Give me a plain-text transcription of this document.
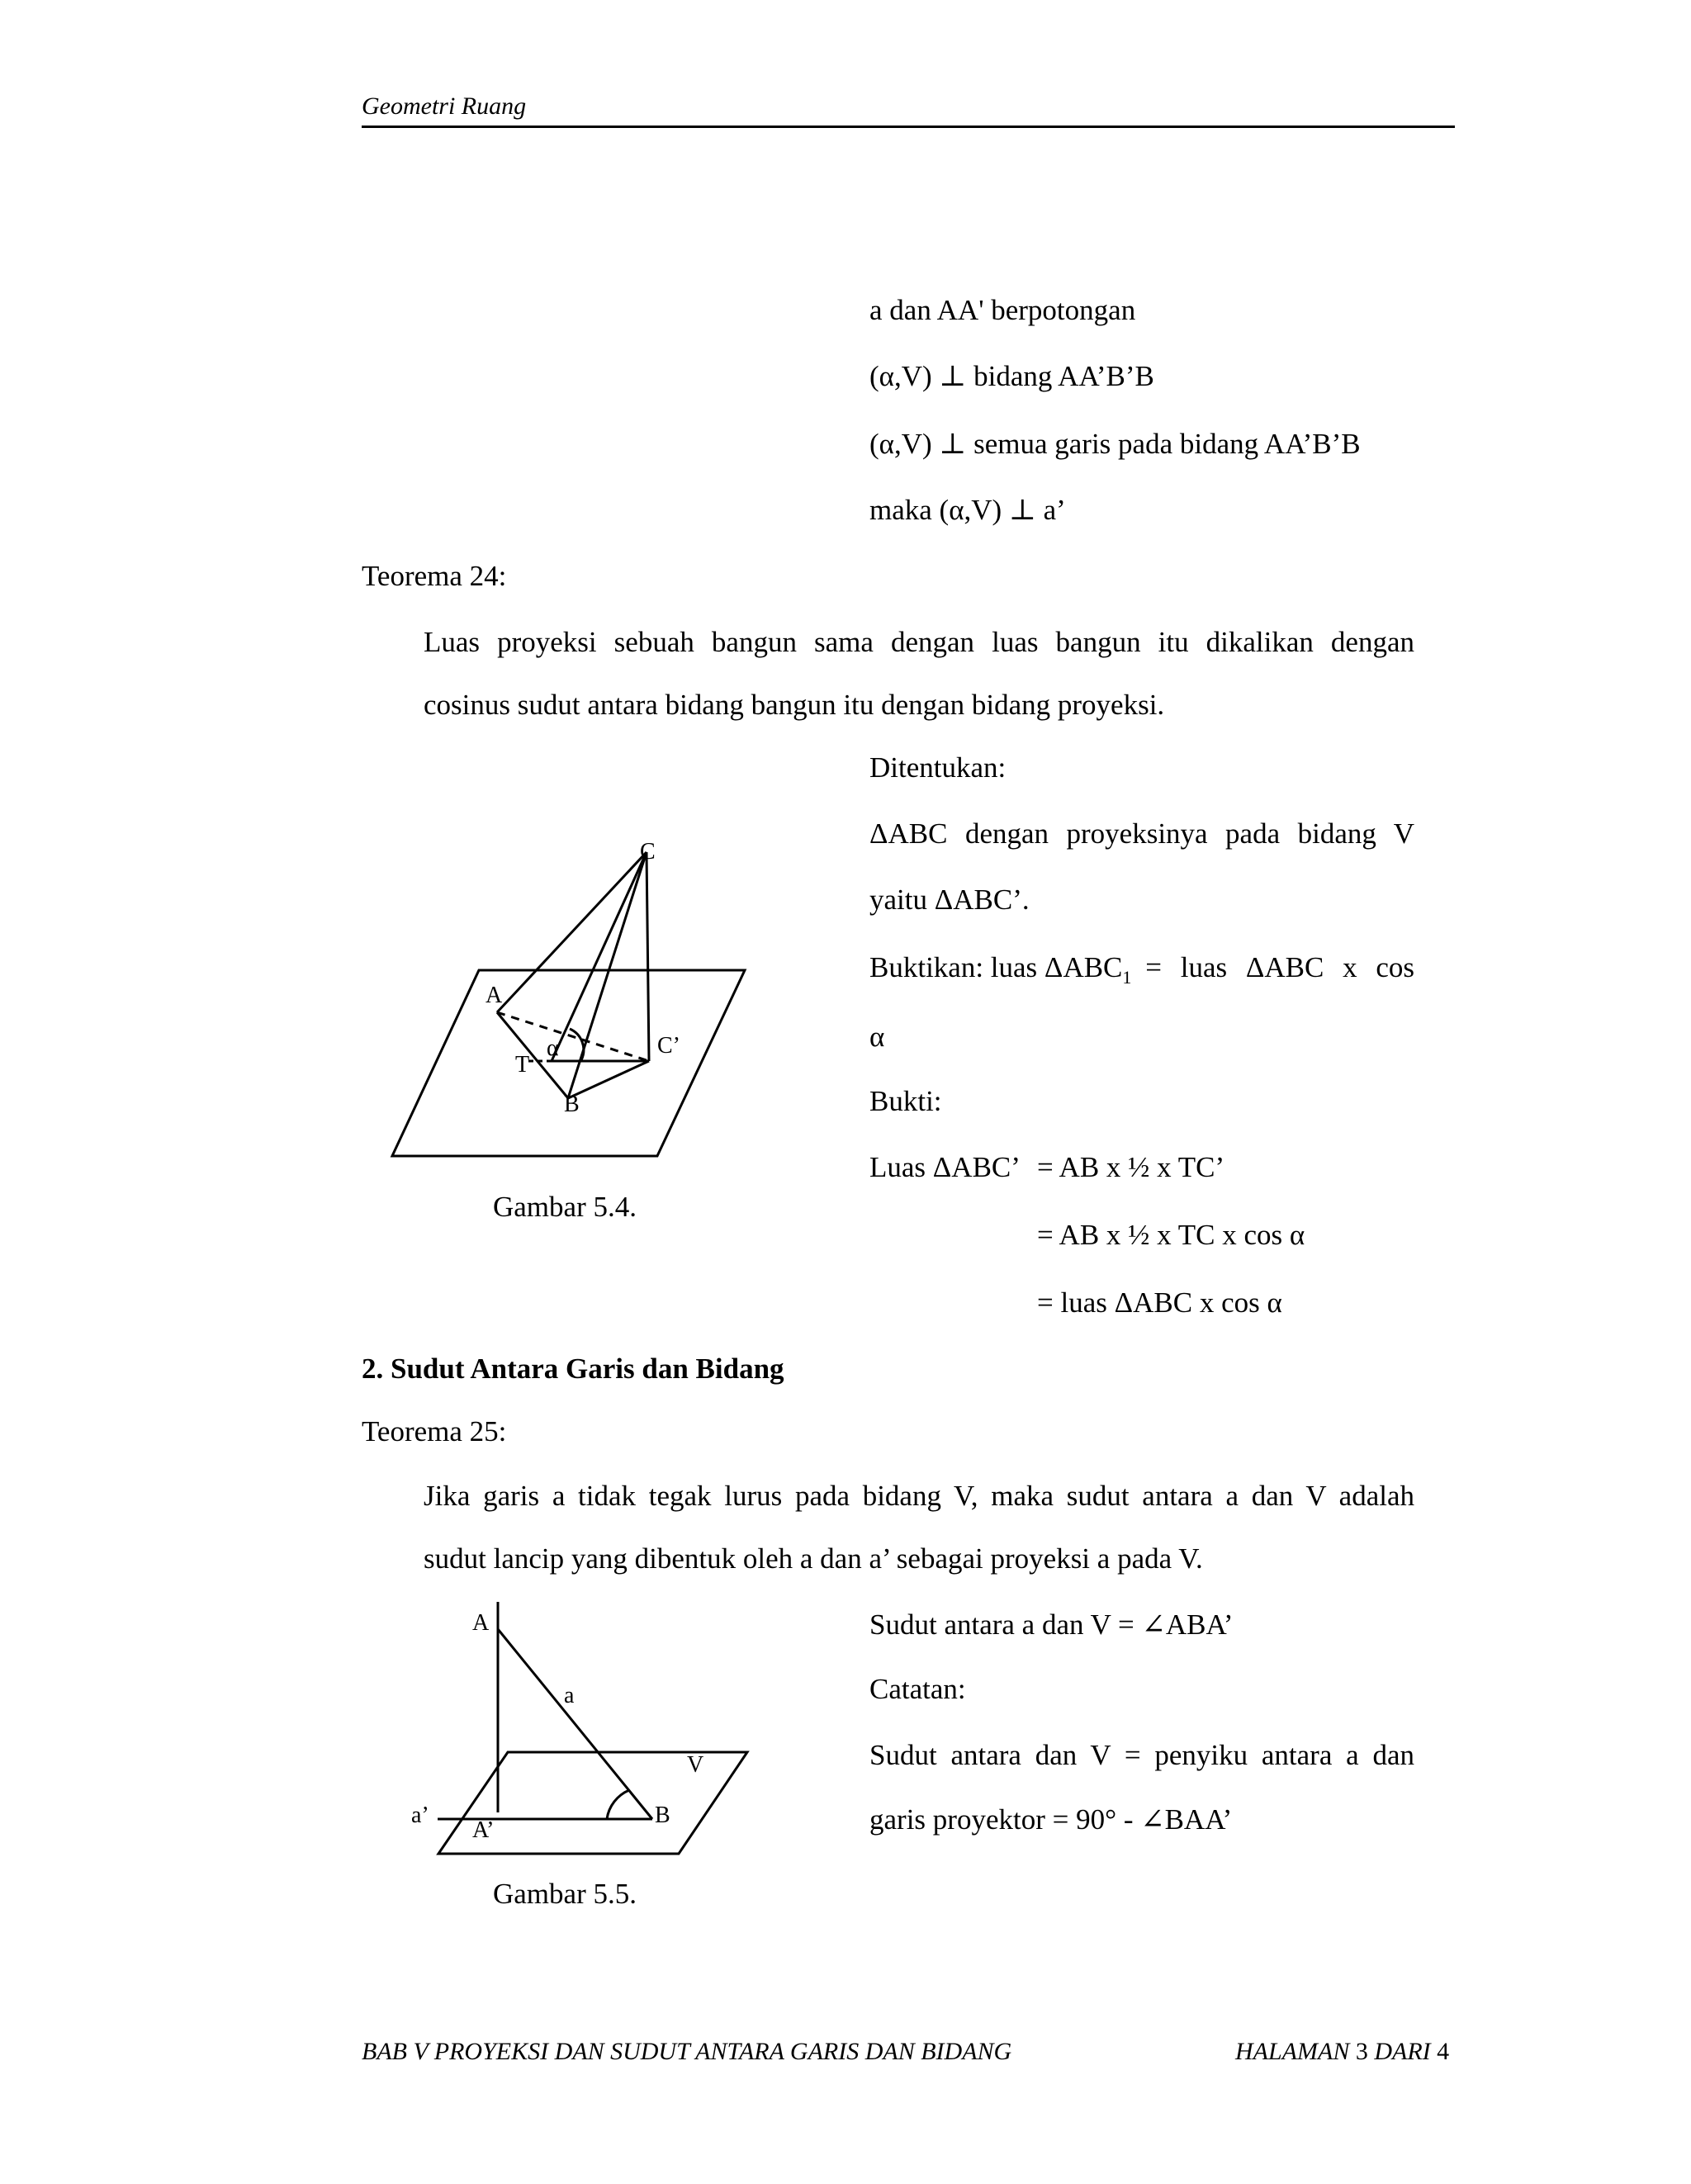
Geometri Ruang
a dan AA' berpotongan
(α,V) ⊥ bidang AA’B’B
(α,V) ⊥ semua garis pada bidang AA’B’B
maka (α,V) ⊥ a’
Teorema 24:
Luas proyeksi sebuah bangun sama dengan luas bangun itu dikalikan dengan
cosinus sudut antara bidang bangun itu dengan bidang proyeksi.
Ditentukan:
ΔABC dengan proyeksinya pada bidang V
yaitu ΔABC’.
Buktikan: luas $\Delta ABC_1$ = luas ΔABC x cos
α
Bukti:
Luas ΔABC’ = AB x ½ x TC’
= AB x ½ x TC x cos α
= luas ΔABC x cos α
C
A
α
T
C’
B
A
a
V
a’
A’
B
Gambar 5.4.
2. Sudut Antara Garis dan Bidang
Teorema 25:
Jika garis a tidak tegak lurus pada bidang V, maka sudut antara a dan V adalah
sudut lancip yang dibentuk oleh a dan a’ sebagai proyeksi a pada V.
Sudut antara a dan V = ∠ABA’
Catatan:
Sudut antara dan V = penyiku antara a dan
garis proyektor = 90° - ∠BAA’
Gambar 5.5.
BAB V PROYEKSI DAN SUDUT ANTARA GARIS DAN BIDANG	HALAMAN 3 DARI 4
